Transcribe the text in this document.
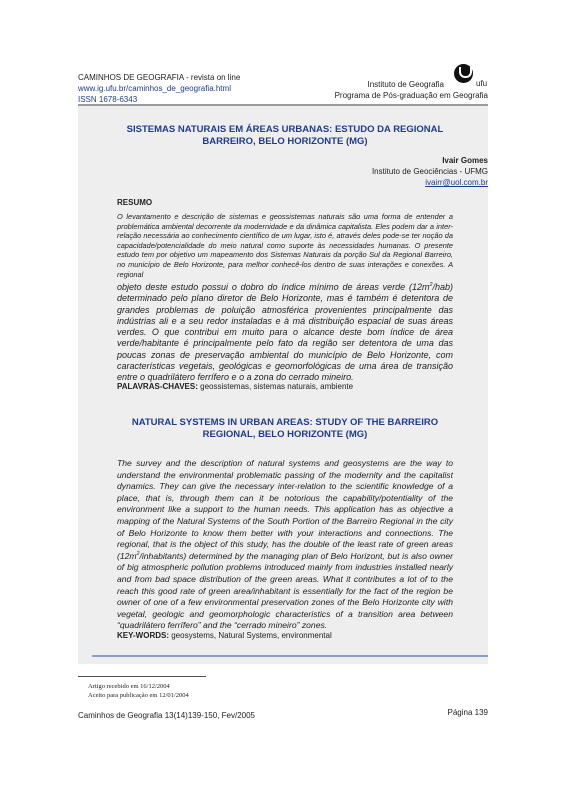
CAMINHOS DE GEOGRAFIA - revista on line
www.ig.ufu.br/caminhos_de_geografia.html
ISSN 1678-6343
ufu
Instituto de Geografia
Programa de Pós-graduação em Geografia
SISTEMAS NATURAIS EM ÁREAS URBANAS: ESTUDO DA REGIONAL BARREIRO, BELO HORIZONTE (MG)
Ivair Gomes
Instituto de Geociências - UFMG
ivairr@uol.com.br
RESUMO
O levantamento e descrição de sistemas e geossistemas naturais são uma forma de entender a problemática ambiental decorrente da modernidade e da dinâmica capitalista. Eles podem dar a inter-relação necessária ao conhecimento científico de um lugar, isto é, através deles pode-se ter noção da capacidade/potencialidade do meio natural como suporte às necessidades humanas. O presente estudo tem por objetivo um mapeamento dos Sistemas Naturais da porção Sul da Regional Barreiro, no município de Belo Horizonte, para melhor conhecê-los dentro de suas interações e conexões. A regional
objeto deste estudo possui o dobro do índice mínimo de áreas verde $(12m^2/hab)$ determinado pelo plano diretor de Belo Horizonte, mas é também é detentora de grandes problemas de poluição atmosférica provenientes principalmente das indústrias ali e a seu redor instaladas e à má distribuição espacial de suas áreas verdes. O que contribui em muito para o alcance deste bom índice de área verde/habitante é principalmente pelo fato da região ser detentora de uma das poucas zonas de preservação ambiental do município de Belo Horizonte, com características vegetais, geológicas e geomorfológicas de uma área de transição entre o quadrilátero ferrífero e o a zona do cerrado mineiro.
PALAVRAS-CHAVES: geossistemas, sistemas naturais, ambiente
NATURAL SYSTEMS IN URBAN AREAS: STUDY OF THE BARREIRO REGIONAL, BELO HORIZONTE (MG)
The survey and the description of natural systems and geosystems are the way to understand the environmental problematic passing of the modernity and the capitalist dynamics. They can give the necessary inter-relation to the scientific knowledge of a place, that is, through them can it be notorious the capability/potentiality of the environment like a support to the human needs. This application has as objective a mapping of the Natural Systems of the South Portion of the Barreiro Regional in the city of Belo Horizonte to know them better with your interactions and connections. The regional, that is the object of this study, has the double of the least rate of green areas $(12m^2/inhabitants)$ determined by the managing plan of Belo Horizont, but is also owner of big atmospheric pollution problems introduced mainly from industries installed nearly and from bad space distribution of the green areas. What it contributes a lot of to the reach this good rate of green area/inhabitant is essentially for the fact of the region be owner of one of a few environmental preservation zones of the Belo Horizonte city with vegetal, geologic and geomorphologic characteristics of a transition area between “quadrilátero ferrífero” and the “cerrado mineiro” zones.
KEY-WORDS: geosystems, Natural Systems, environmental
Artigo recebido em 16/12/2004
Aceito para publicação em 12/01/2004
Caminhos de Geografia 13(14)139-150, Fev/2005	Página 139
